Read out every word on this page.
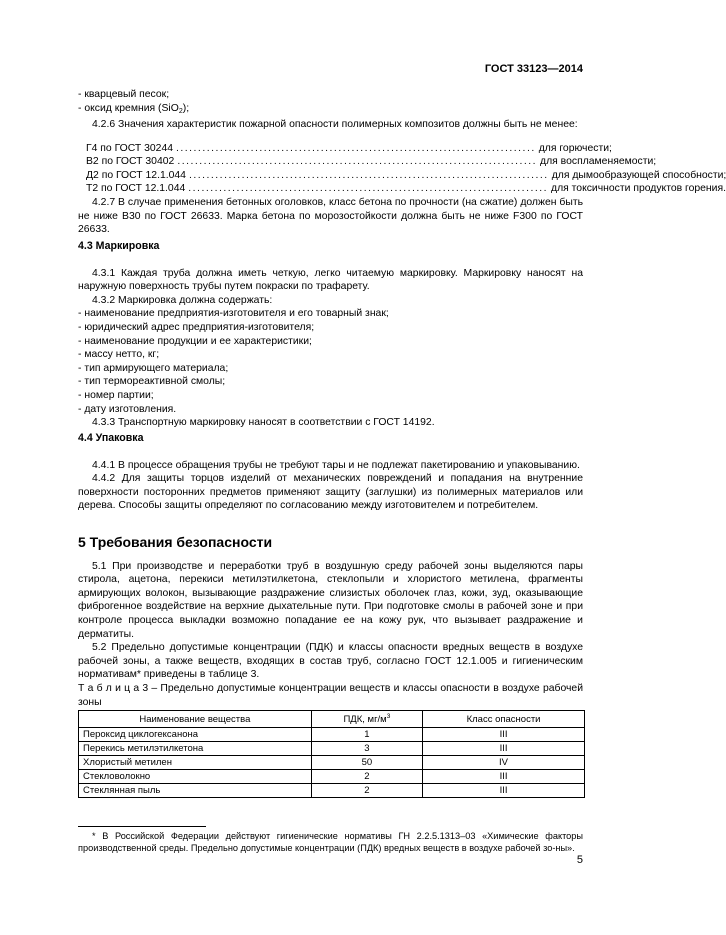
ГОСТ 33123—2014

- кварцевый песок;

- оксид кремния (SiO$_2$);

4.2.6 Значения характеристик пожарной опасности полимерных композитов должны быть не менее:

Г4 по ГОСТ 30244 .................................................................................. для горючести;
В2 по ГОСТ 30402 .................................................................................. для воспламеняемости;
Д2 по ГОСТ 12.1.044 .................................................................................. для дымообразующей способности;
Т2 по ГОСТ 12.1.044 .................................................................................. для токсичности продуктов горения.

4.2.7 В случае применения бетонных оголовков, класс бетона по прочности (на сжатие) должен быть не ниже В30 по ГОСТ 26633. Марка бетона по морозостойкости должна быть не ниже F300 по ГОСТ 26633.

4.3 Маркировка

4.3.1 Каждая труба должна иметь четкую, легко читаемую маркировку. Маркировку наносят на наружную поверхность трубы путем покраски по трафарету.

4.3.2 Маркировка должна содержать:

- наименование предприятия-изготовителя и его товарный знак;

- юридический адрес предприятия-изготовителя;

- наименование продукции и ее характеристики;

- массу нетто, кг;

- тип армирующего материала;

- тип термореактивной смолы;

- номер партии;

- дату изготовления.

4.3.3 Транспортную маркировку наносят в соответствии с ГОСТ 14192.

4.4 Упаковка

4.4.1 В процессе обращения трубы не требуют тары и не подлежат пакетированию и упаковыванию.

4.4.2 Для защиты торцов изделий от механических повреждений и попадания на внутренние поверхности посторонних предметов применяют защиту (заглушки) из полимерных материалов или дерева. Способы защиты определяют по согласованию между изготовителем и потребителем.

5 Требования безопасности

5.1 При производстве и переработки труб в воздушную среду рабочей зоны выделяются пары стирола, ацетона, перекиси метилэтилкетона, стеклопыли и хлористого метилена, фрагменты армирующих волокон, вызывающие раздражение слизистых оболочек глаз, кожи, зуд, оказывающие фиброгенное воздействие на верхние дыхательные пути. При подготовке смолы в рабочей зоне и при контроле процесса выкладки возможно попадание ее на кожу рук, что вызывает раздражение и дерматиты.

5.2 Предельно допустимые концентрации (ПДК) и классы опасности вредных веществ в воздухе рабочей зоны, а также веществ, входящих в состав труб, согласно ГОСТ 12.1.005 и гигиеническим нормативам* приведены в таблице 3.

Т а б л и ц а 3 – Предельно допустимые концентрации веществ и классы опасности в воздухе рабочей зоны

Наименование вещества	ПДК, $мг/м^3$	Класс опасности
Пероксид циклогексанона	1	III
Перекись метилэтилкетона	3	III
Хлористый метилен	50	IV
Стекловолокно	2	III
Стеклянная пыль	2	III
* В Российской Федерации действуют гигиенические нормативы ГН 2.2.5.1313–03 «Химические факторы производственной среды. Предельно допустимые концентрации (ПДК) вредных веществ в воздухе рабочей зо-ны».
5
